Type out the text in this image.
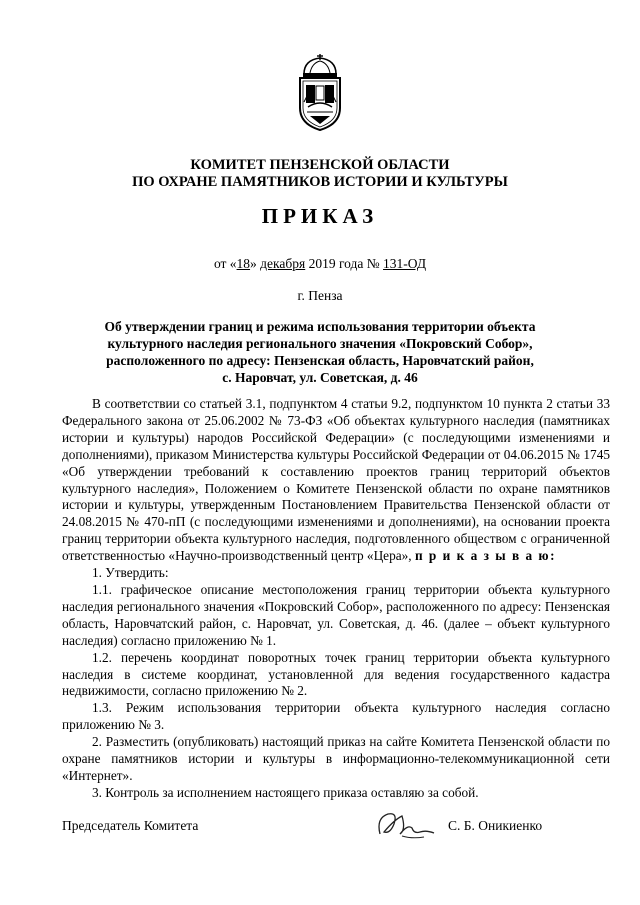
КОМИТЕТ ПЕНЗЕНСКОЙ ОБЛАСТИ
ПО ОХРАНЕ ПАМЯТНИКОВ ИСТОРИИ И КУЛЬТУРЫ
ПРИКАЗ
от «18» декабря 2019 года № 131-ОД
г. Пенза
Об утверждении границ и режима использования территории объекта
культурного наследия регионального значения «Покровский Собор»,
расположенного по адресу: Пензенская область, Наровчатский район,
с. Наровчат, ул. Советская, д. 46

В соответствии со статьей 3.1, подпунктом 4 статьи 9.2, подпунктом 10 пункта 2 статьи 33 Федерального закона от 25.06.2002 № 73-ФЗ «Об объектах культурного наследия (памятниках истории и культуры) народов Российской Федерации» (с последующими изменениями и дополнениями), приказом Министерства культуры Российской Федерации от 04.06.2015 № 1745 «Об утверждении требований к составлению проектов границ территорий объектов культурного наследия», Положением о Комитете Пензенской области по охране памятников истории и культуры, утвержденным Постановлением Правительства Пензенской области от 24.08.2015 № 470-пП (с последующими изменениями и дополнениями), на основании проекта границ территории объекта культурного наследия, подготовленного обществом с ограниченной ответственностью «Научно-производственный центр «Цера», п р и к а з ы в а ю:

1. Утвердить:

1.1. графическое описание местоположения границ территории объекта культурного наследия регионального значения «Покровский Собор», расположенного по адресу: Пензенская область, Наровчатский район, с. Наровчат, ул. Советская, д. 46. (далее – объект культурного наследия) согласно приложению № 1.

1.2. перечень координат поворотных точек границ территории объекта культурного наследия в системе координат, установленной для ведения государственного кадастра недвижимости, согласно приложению № 2.

1.3. Режим использования территории объекта культурного наследия согласно приложению № 3.

2. Разместить (опубликовать) настоящий приказ на сайте Комитета Пензенской области по охране памятников истории и культуры в информационно-телекоммуникационной сети «Интернет».

3. Контроль за исполнением настоящего приказа оставляю за собой.

Председатель Комитета	С. Б. Оникиенко
